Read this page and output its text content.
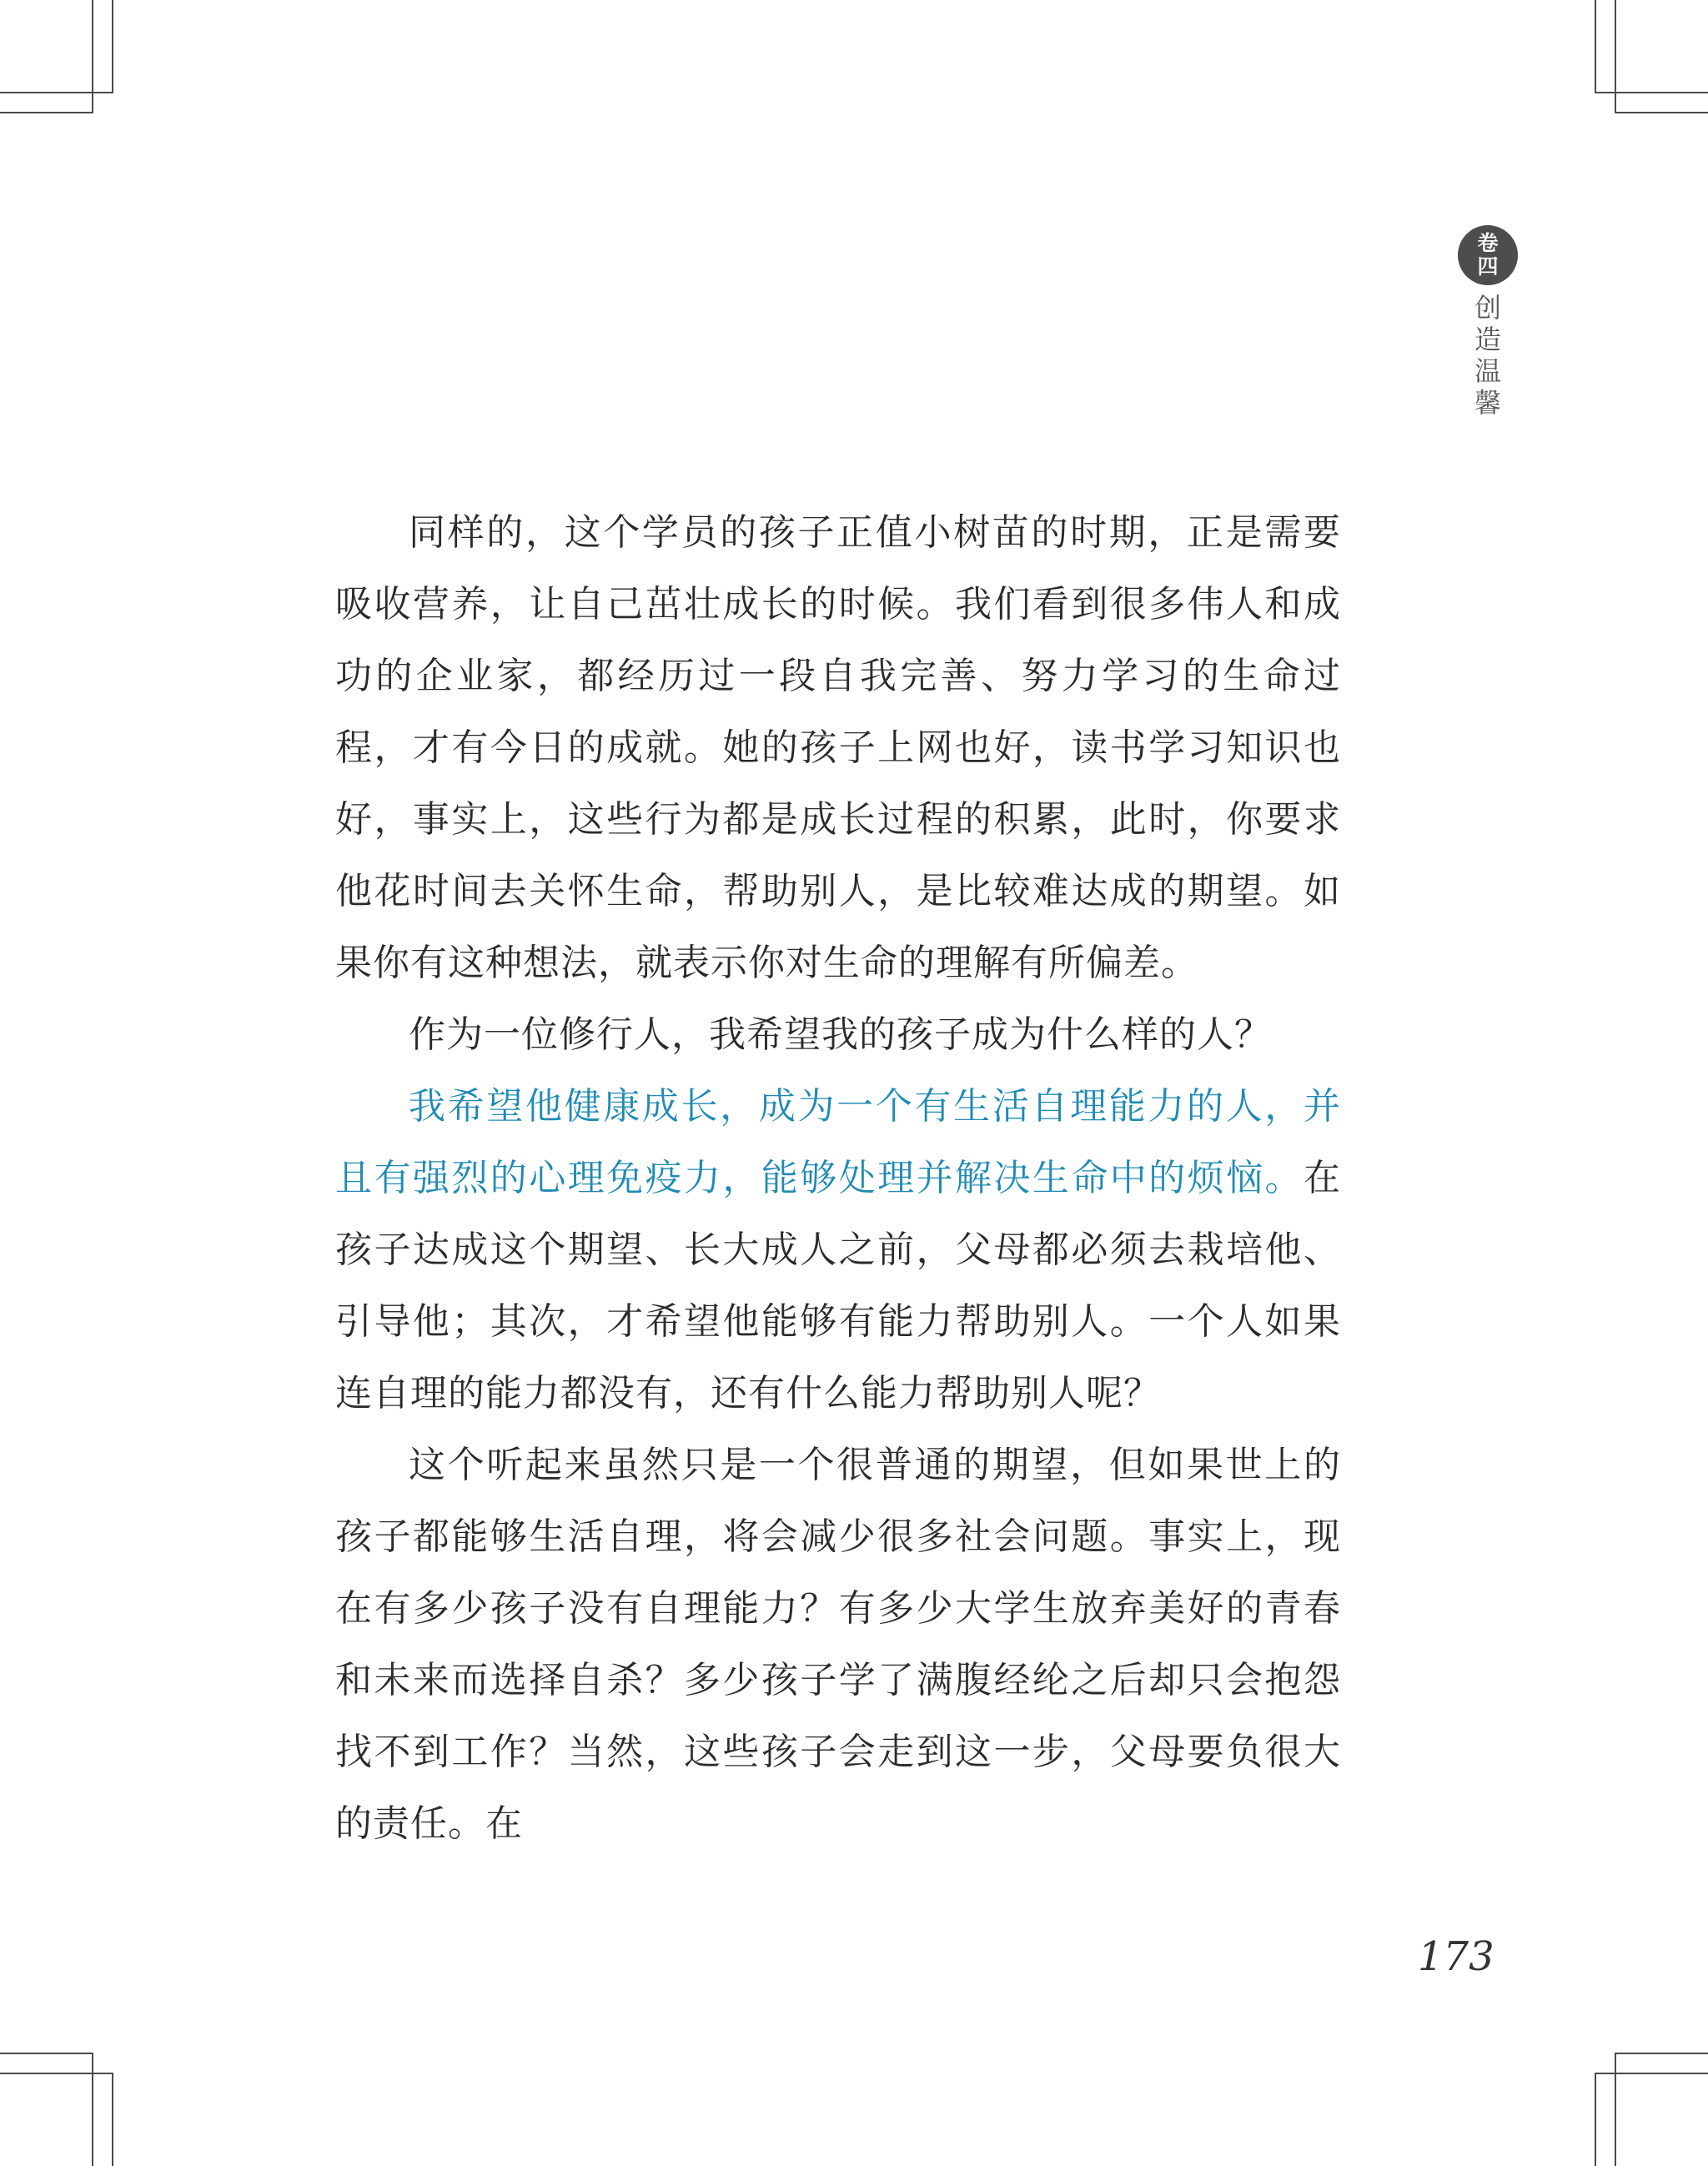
卷
四
创
造
温
馨

同样的，这个学员的孩子正值小树苗的时期，正是需要吸收营养，让自己茁壮成长的时候。我们看到很多伟人和成功的企业家，都经历过一段自我完善、努力学习的生命过程，才有今日的成就。她的孩子上网也好，读书学习知识也好，事实上，这些行为都是成长过程的积累，此时，你要求他花时间去关怀生命，帮助别人，是比较难达成的期望。如果你有这种想法，就表示你对生命的理解有所偏差。

作为一位修行人，我希望我的孩子成为什么样的人？

我希望他健康成长，成为一个有生活自理能力的人，并且有强烈的心理免疫力，能够处理并解决生命中的烦恼。在孩子达成这个期望、长大成人之前，父母都必须去栽培他、引导他；其次，才希望他能够有能力帮助别人。一个人如果连自理的能力都没有，还有什么能力帮助别人呢？

这个听起来虽然只是一个很普通的期望，但如果世上的孩子都能够生活自理，将会减少很多社会问题。事实上，现在有多少孩子没有自理能力？有多少大学生放弃美好的青春和未来而选择自杀？多少孩子学了满腹经纶之后却只会抱怨找不到工作？当然，这些孩子会走到这一步，父母要负很大的责任。在

173
